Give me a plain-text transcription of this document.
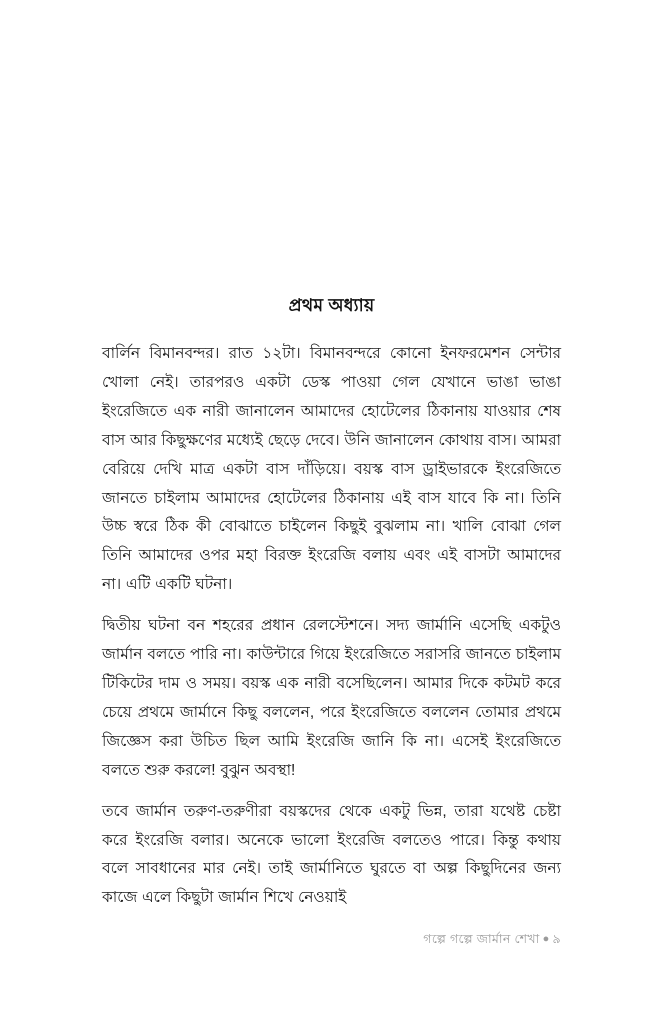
প্রথম অধ্যায়

বার্লিন বিমানবন্দর। রাত ১২টা। বিমানবন্দরে কোনো ইনফরমেশন সেন্টার খোলা নেই। তারপরও একটা ডেস্ক পাওয়া গেল যেখানে ভাঙা ভাঙা ইংরেজিতে এক নারী জানালেন আমাদের হোটেলের ঠিকানায় যাওয়ার শেষ বাস আর কিছুক্ষণের মধ্যেই ছেড়ে দেবে। উনি জানালেন কোথায় বাস। আমরা বেরিয়ে দেখি মাত্র একটা বাস দাঁড়িয়ে। বয়স্ক বাস ড্রাইভারকে ইংরেজিতে জানতে চাইলাম আমাদের হোটেলের ঠিকানায় এই বাস যাবে কি না। তিনি উচ্চ স্বরে ঠিক কী বোঝাতে চাইলেন কিছুই বুঝলাম না। খালি বোঝা গেল তিনি আমাদের ওপর মহা বিরক্ত ইংরেজি বলায় এবং এই বাসটা আমাদের না। এটি একটি ঘটনা।

দ্বিতীয় ঘটনা বন শহরের প্রধান রেলস্টেশনে। সদ্য জার্মানি এসেছি একটুও জার্মান বলতে পারি না। কাউন্টারে গিয়ে ইংরেজিতে সরাসরি জানতে চাইলাম টিকিটের দাম ও সময়। বয়স্ক এক নারী বসেছিলেন। আমার দিকে কটমট করে চেয়ে প্রথমে জার্মানে কিছু বললেন, পরে ইংরেজিতে বললেন তোমার প্রথমে জিজ্ঞেস করা উচিত ছিল আমি ইংরেজি জানি কি না। এসেই ইংরেজিতে বলতে শুরু করলে! বুঝুন অবস্থা!

তবে জার্মান তরুণ-তরুণীরা বয়স্কদের থেকে একটু ভিন্ন, তারা যথেষ্ট চেষ্টা করে ইংরেজি বলার। অনেকে ভালো ইংরেজি বলতেও পারে। কিন্তু কথায় বলে সাবধানের মার নেই। তাই জার্মানিতে ঘুরতে বা অল্প কিছুদিনের জন্য কাজে এলে কিছুটা জার্মান শিখে নেওয়াই

গল্পে গল্পে জার্মান শেখা ● ৯
